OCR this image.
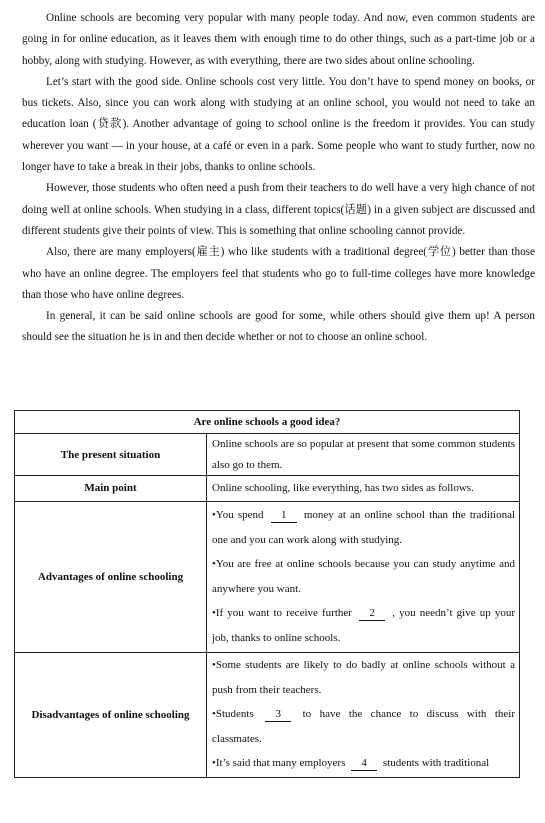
Online schools are becoming very popular with many people today. And now, even common students are going in for online education, as it leaves them with enough time to do other things, such as a part-time job or a hobby, along with studying. However, as with everything, there are two sides about online schooling.

Let’s start with the good side. Online schools cost very little. You don’t have to spend money on books, or bus tickets. Also, since you can work along with studying at an online school, you would not need to take an education loan (贷款). Another advantage of going to school online is the freedom it provides. You can study wherever you want — in your house, at a café or even in a park. Some people who want to study further, now no longer have to take a break in their jobs, thanks to online schools.

However, those students who often need a push from their teachers to do well have a very high chance of not doing well at online schools. When studying in a class, different topics(话题) in a given subject are discussed and different students give their points of view. This is something that online schooling cannot provide.

Also, there are many employers(雇主) who like students with a traditional degree(学位) better than those who have an online degree. The employers feel that students who go to full-time colleges have more knowledge than those who have online degrees.

In general, it can be said online schools are good for some, while others should give them up! A person should see the situation he is in and then decide whether or not to choose an online school.

Are online schools a good idea?	
The present situation	Online schools are so popular at present that some common students also go to them.
Main point	Online schooling, like everything, has two sides as follows.
Advantages of online schooling	•You spend 1 money at an online school than the traditional one and you can work along with studying.
•You are free at online schools because you can study anytime and anywhere you want.
•If you want to receive further 2 , you needn’t give up your job, thanks to online schools.

Disadvantages of online schooling	•Some students are likely to do badly at online schools without a push from their teachers.
•Students 3 to have the chance to discuss with their classmates.
•It’s said that many employers 4 students with traditional
